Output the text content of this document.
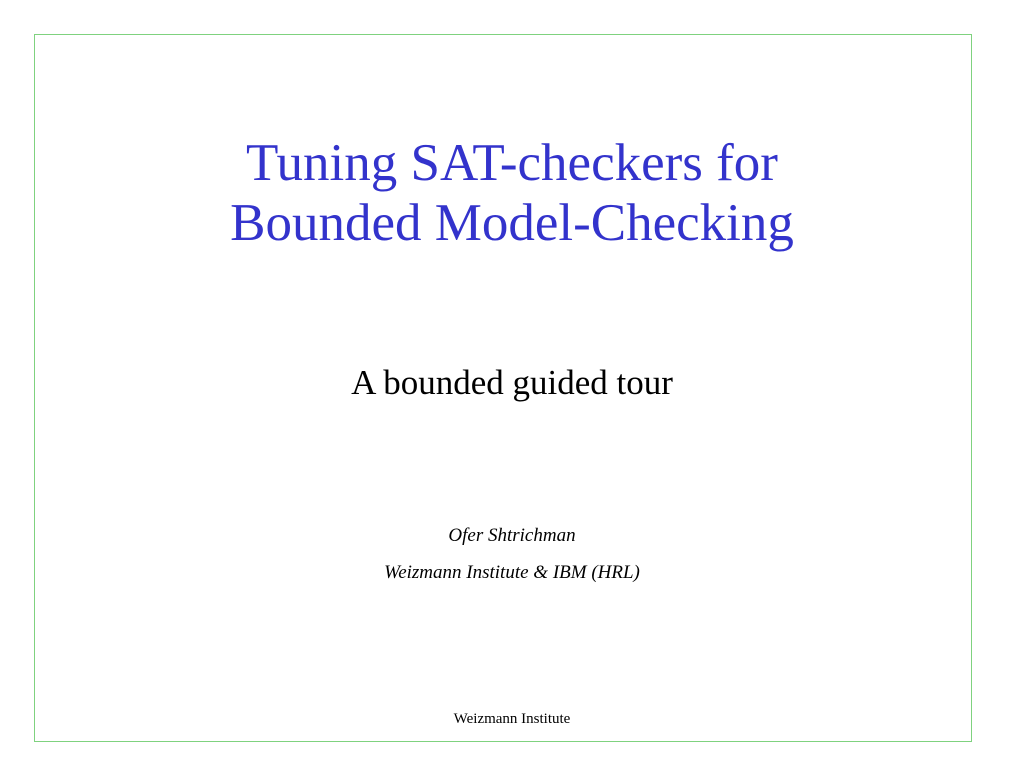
Tuning SAT-checkers for
Bounded Model-Checking
A bounded guided tour
Ofer Shtrichman
Weizmann Institute & IBM (HRL)
Weizmann Institute
